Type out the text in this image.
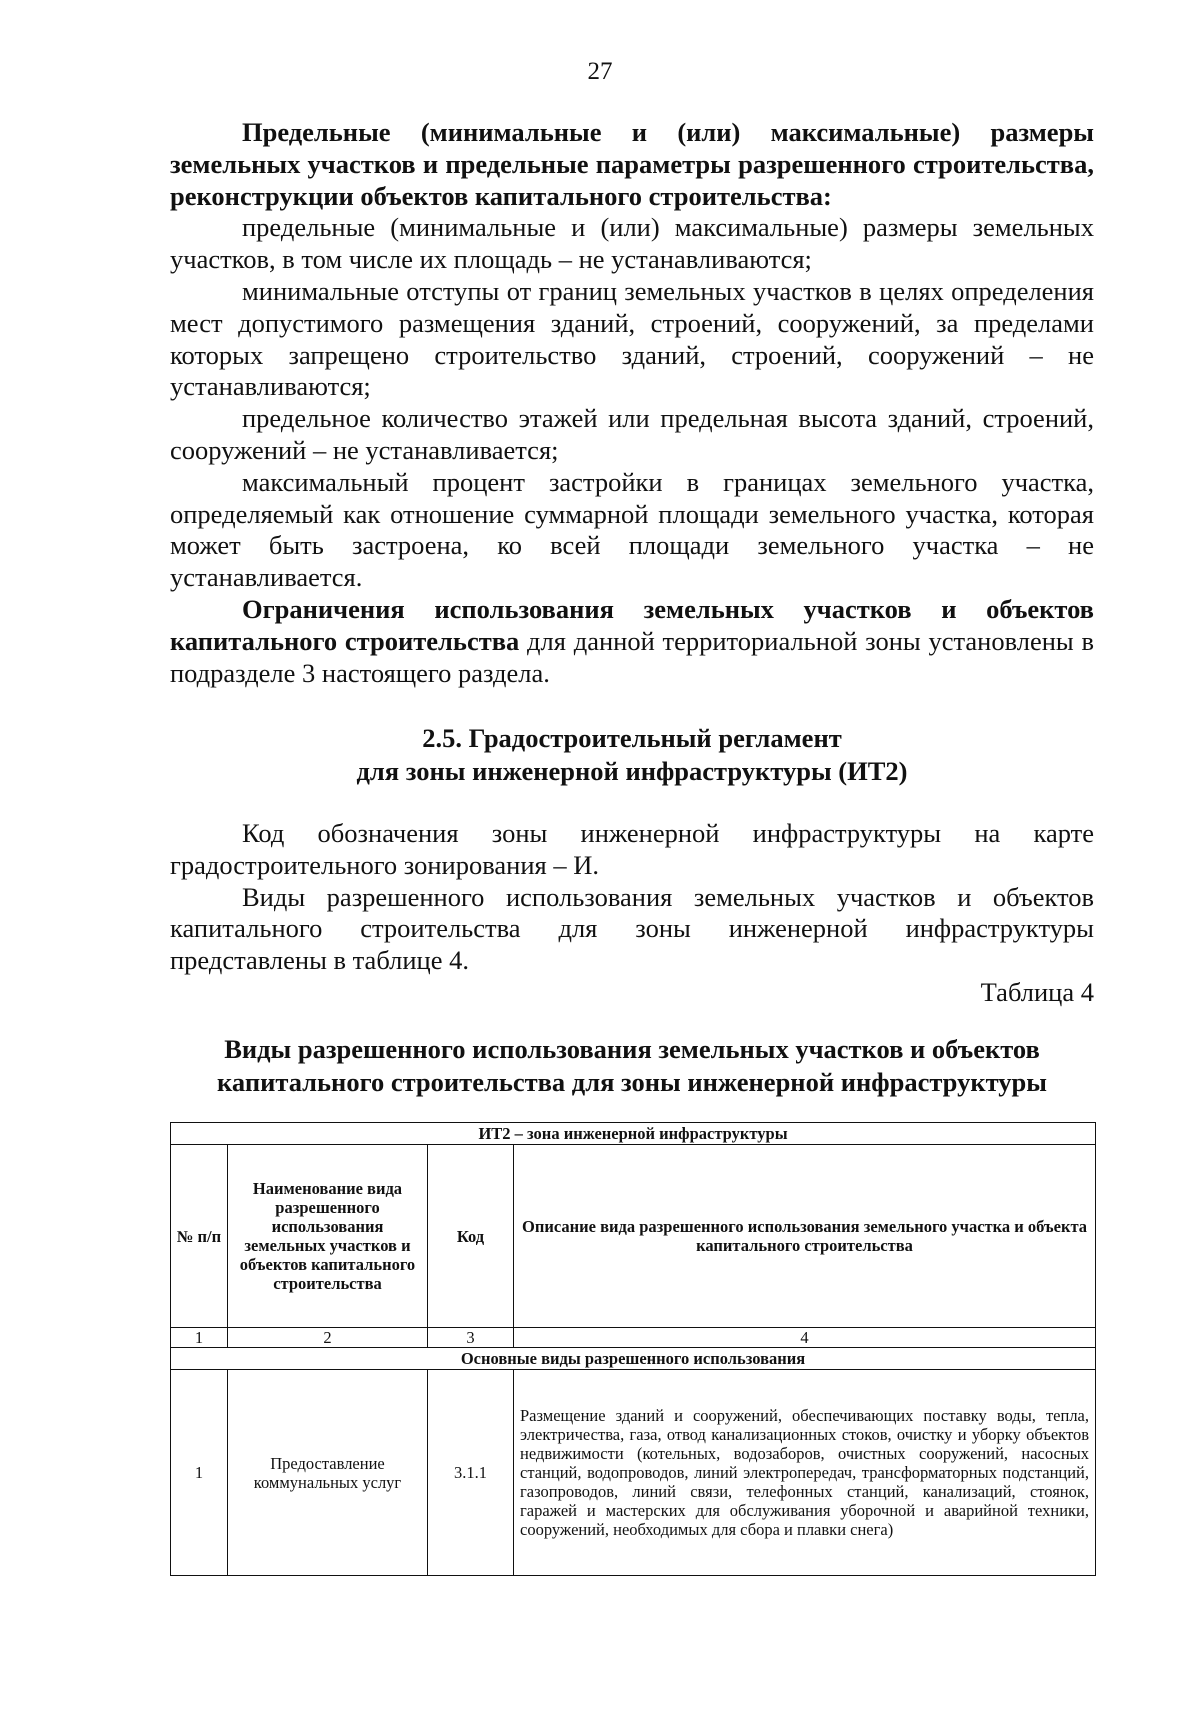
27

Предельные (минимальные и (или) максимальные) размеры земельных участков и предельные параметры разрешенного строительства, реконструкции объектов капитального строительства:

предельные (минимальные и (или) максимальные) размеры земельных участков, в том числе их площадь – не устанавливаются;

минимальные отступы от границ земельных участков в целях определения мест допустимого размещения зданий, строений, сооружений, за пределами которых запрещено строительство зданий, строений, сооружений – не устанавливаются;

предельное количество этажей или предельная высота зданий, строений, сооружений – не устанавливается;

максимальный процент застройки в границах земельного участка, определяемый как отношение суммарной площади земельного участка, которая может быть застроена, ко всей площади земельного участка – не устанавливается.

Ограничения использования земельных участков и объектов капитального строительства для данной территориальной зоны установлены в подразделе 3 настоящего раздела.

2.5. Градостроительный регламент
для зоны инженерной инфраструктуры (ИТ2)

Код обозначения зоны инженерной инфраструктуры на карте градостроительного зонирования – И.

Виды разрешенного использования земельных участков и объектов капитального строительства для зоны инженерной инфраструктуры представлены в таблице 4.

Таблица 4
Виды разрешенного использования земельных участков и объектов
капитального строительства для зоны инженерной инфраструктуры
ИТ2 – зона инженерной инфраструктуры			
№ п/п	Наименование вида разрешенного использования земельных участков и объектов капитального строительства	Код	Описание вида разрешенного использования земельного участка и объекта капитального строительства
1	2	3	4
Основные виды разрешенного использования			
1	Предоставление коммунальных услуг	3.1.1	Размещение зданий и сооружений, обеспечивающих поставку воды, тепла, электричества, газа, отвод канализационных стоков, очистку и уборку объектов недвижимости (котельных, водозаборов, очистных сооружений, насосных станций, водопроводов, линий электропередач, трансформаторных подстанций, газопроводов, линий связи, телефонных станций, канализаций, стоянок, гаражей и мастерских для обслуживания уборочной и аварийной техники, сооружений, необходимых для сбора и плавки снега)
